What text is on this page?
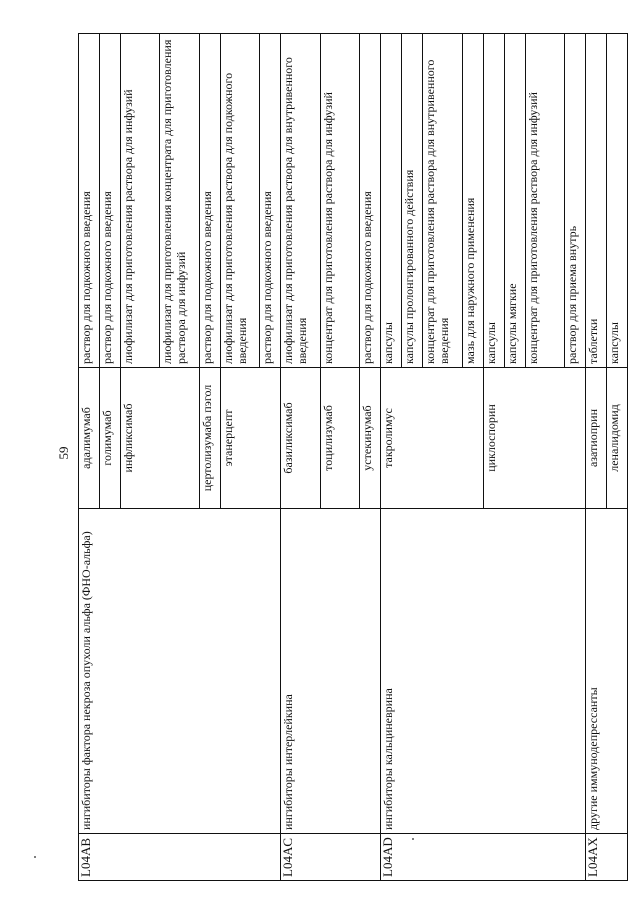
59
L04AB	ингибиторы фактора некроза опухоли альфа (ФНО-альфа)	адалимумаб	раствор для подкожного введения
		голимумаб	раствор для подкожного введения
		инфликсимаб	лиофилизат для приготовления раствора для инфузий
			лиофилизат для приготовления концентрата для приготовления раствора для инфузий
		цертолизумаба пэгол	раствор для подкожного введения
		этанерцепт	лиофилизат для приготовления раствора для подкожного введения
			раствор для подкожного введения
L04AC	ингибиторы интерлейкина	базиликсимаб	лиофилизат для приготовления раствора для внутривенного введения
		тоцилизумаб	концентрат для приготовления раствора для инфузий
		устекинумаб	раствор для подкожного введения
L04AD	ингибиторы кальциневрина	такролимус	капсулы
			капсулы пролонгированного действия
			концентрат для приготовления раствора для внутривенного введения
			мазь для наружного применения
		циклоспорин	капсулы
			капсулы мягкие
			концентрат для приготовления раствора для инфузий
			раствор для приема внутрь
L04AX	другие иммунодепрессанты	азатиоприн	таблетки
		леналидомид	капсулы
